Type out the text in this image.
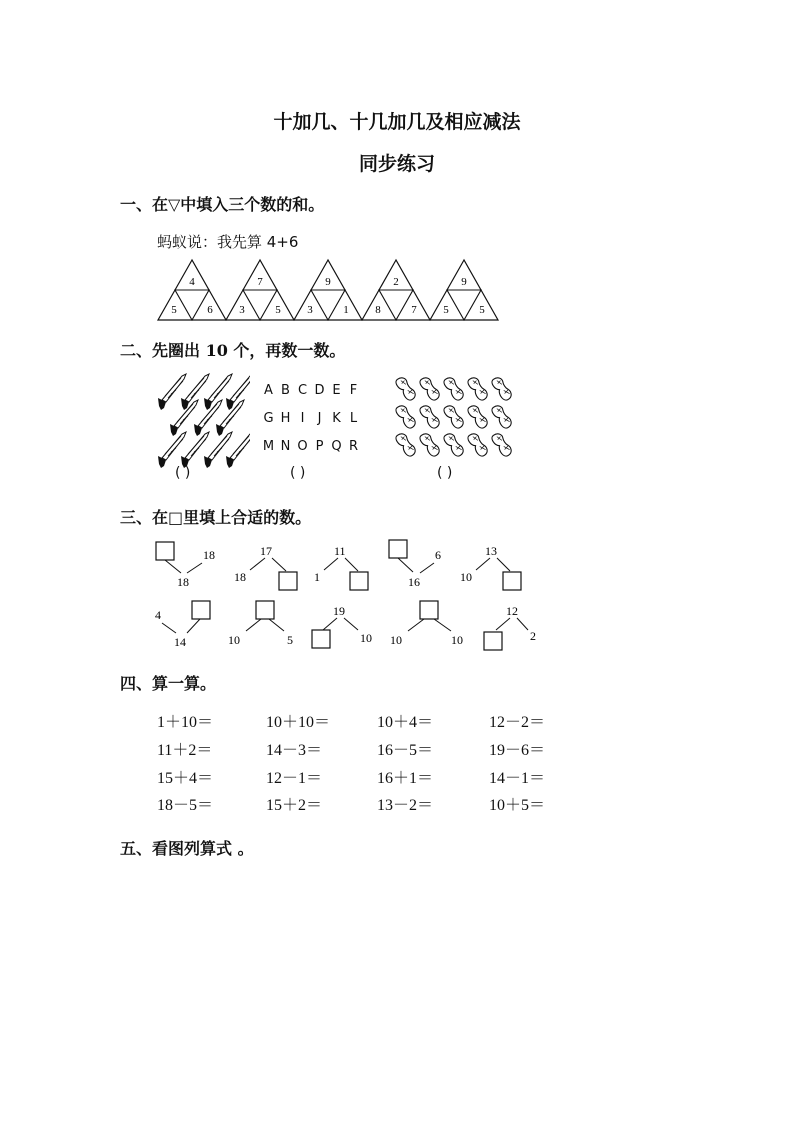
十加几、十几加几及相应减法
同步练习
一、在▽中填入三个数的和。
蚂蚁说：我先算 4+6
4
5	6
7
3	5
9
3	1
2
8	7
9
5	5
二、先圈出 10 个，再数一数。
( )
A B C D E F
G H I J K L
M N O P Q R
( )	( )
三、在□里填上合适的数。
18
18
17
18
11
1
6
16
13
10
4
14	10	5
19
10 10	10
12
2
四、算一算。
1＋10＝	10＋10＝	10＋4＝	12－2＝
11＋2＝	14－3＝	16－5＝	19－6＝
15＋4＝	12－1＝	16＋1＝	14－1＝
18－5＝	15＋2＝	13－2＝	10＋5＝
五、看图列算式 。
